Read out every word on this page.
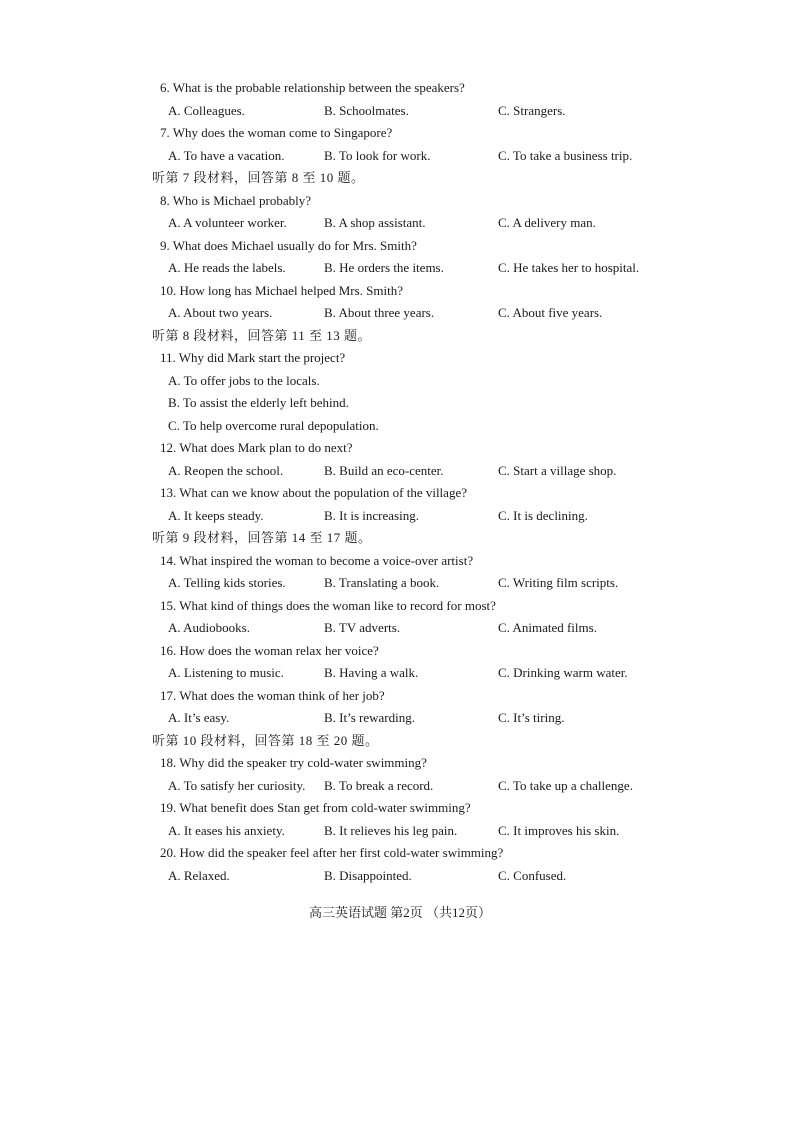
6. What is the probable relationship between the speakers?
A. Colleagues.	B. Schoolmates.	C. Strangers.
7. Why does the woman come to Singapore?
A. To have a vacation.	B. To look for work.	C. To take a business trip.
听第 7 段材料，回答第 8 至 10 题。
8. Who is Michael probably?
A. A volunteer worker.	B. A shop assistant.	C. A delivery man.
9. What does Michael usually do for Mrs. Smith?
A. He reads the labels.	B. He orders the items.	C. He takes her to hospital.
10. How long has Michael helped Mrs. Smith?
A. About two years.	B. About three years.	C. About five years.
听第 8 段材料，回答第 11 至 13 题。
11. Why did Mark start the project?
A. To offer jobs to the locals.
B. To assist the elderly left behind.
C. To help overcome rural depopulation.
12. What does Mark plan to do next?
A. Reopen the school.	B. Build an eco-center.	C. Start a village shop.
13. What can we know about the population of the village?
A. It keeps steady.	B. It is increasing.	C. It is declining.
听第 9 段材料，回答第 14 至 17 题。
14. What inspired the woman to become a voice-over artist?
A. Telling kids stories.	B. Translating a book.	C. Writing film scripts.
15. What kind of things does the woman like to record for most?
A. Audiobooks.	B. TV adverts.	C. Animated films.
16. How does the woman relax her voice?
A. Listening to music.	B. Having a walk.	C. Drinking warm water.
17. What does the woman think of her job?
A. It’s easy.	B. It’s rewarding.	C. It’s tiring.
听第 10 段材料，回答第 18 至 20 题。
18. Why did the speaker try cold-water swimming?
A. To satisfy her curiosity. B. To break a record.	C. To take up a challenge.
19. What benefit does Stan get from cold-water swimming?
A. It eases his anxiety.	B. It relieves his leg pain.	C. It improves his skin.
20. How did the speaker feel after her first cold-water swimming?
A. Relaxed.	B. Disappointed.	C. Confused.
高三英语试题 第2页 （共12页）
